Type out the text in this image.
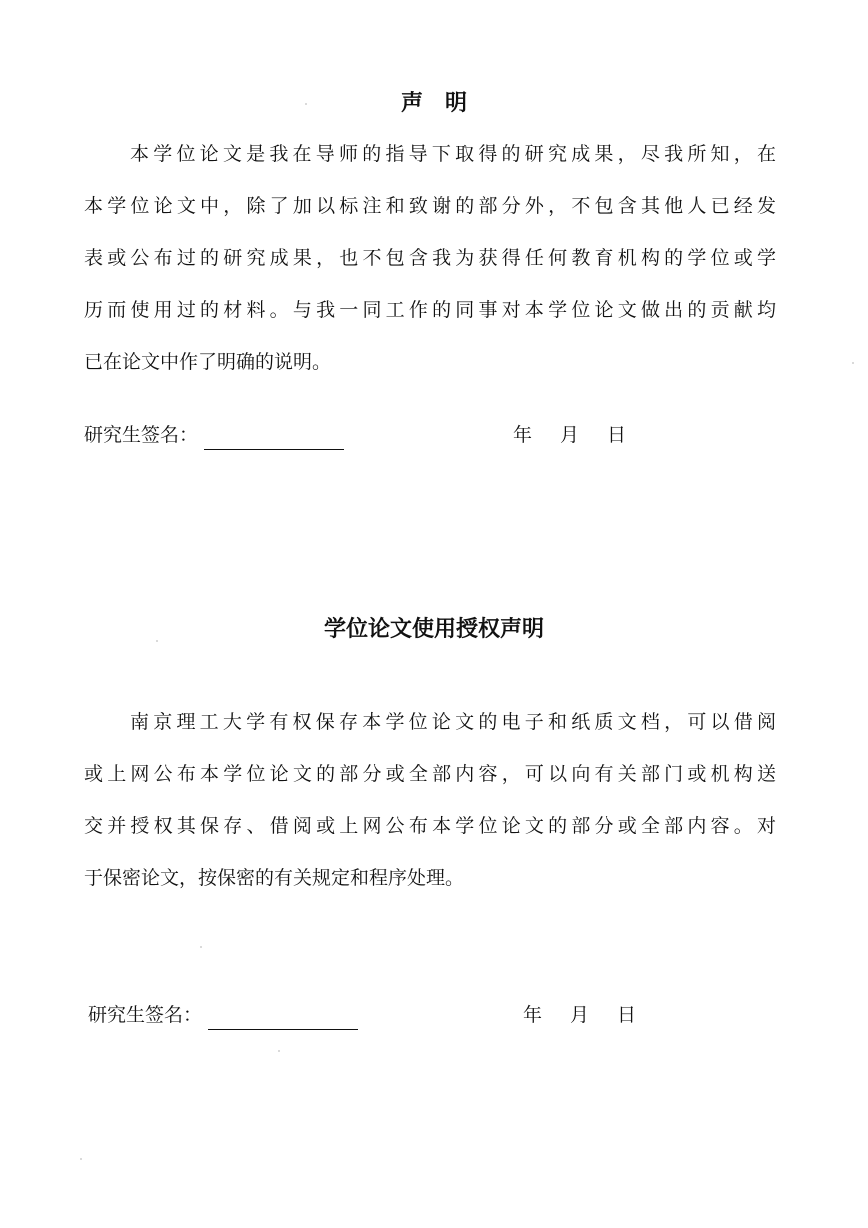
声　明
本学位论文是我在导师的指导下取得的研究成果，尽我所知，在
本学位论文中，除了加以标注和致谢的部分外，不包含其他人已经发
表或公布过的研究成果，也不包含我为获得任何教育机构的学位或学
历而使用过的材料。与我一同工作的同事对本学位论文做出的贡献均
已在论文中作了明确的说明。
研究生签名：	年 月 日
学位论文使用授权声明
南京理工大学有权保存本学位论文的电子和纸质文档，可以借阅
或上网公布本学位论文的部分或全部内容，可以向有关部门或机构送
交并授权其保存、借阅或上网公布本学位论文的部分或全部内容。对
于保密论文，按保密的有关规定和程序处理。
研究生签名：	年 月 日
